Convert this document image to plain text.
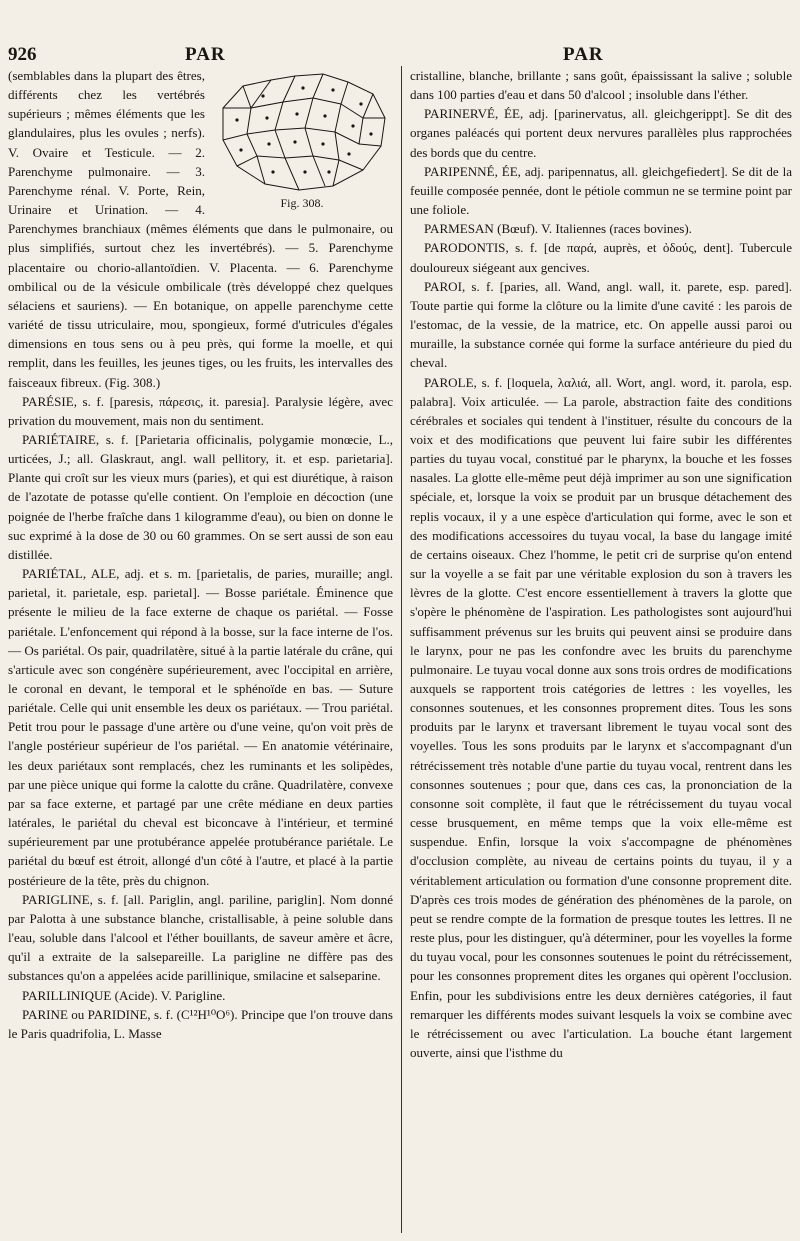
926	PAR	PAR
Fig. 308.

(semblables dans la plupart des êtres, différents chez les vertébrés supérieurs ; mêmes éléments que les glandulaires, plus les ovules ; nerfs). V. Ovaire et Testicule. — 2. Parenchyme pulmonaire. — 3. Parenchyme rénal. V. Porte, Rein, Urinaire et Urination. — 4. Parenchymes branchiaux (mêmes éléments que dans le pulmonaire, ou plus simplifiés, surtout chez les invertébrés). — 5. Parenchyme placentaire ou chorio-allantoïdien. V. Placenta. — 6. Parenchyme ombilical ou de la vésicule ombilicale (très développé chez quelques sélaciens et sauriens). — En botanique, on appelle parenchyme cette variété de tissu utriculaire, mou, spongieux, formé d'utricules d'égales dimensions en tous sens ou à peu près, qui forme la moelle, et qui remplit, dans les feuilles, les jeunes tiges, ou les fruits, les intervalles des faisceaux fibreux. (Fig. 308.)

PARÉSIE, s. f. [paresis, πάρεσις, it. paresia]. Paralysie légère, avec privation du mouvement, mais non du sentiment.

PARIÉTAIRE, s. f. [Parietaria officinalis, polygamie monœcie, L., urticées, J.; all. Glaskraut, angl. wall pellitory, it. et esp. parietaria]. Plante qui croît sur les vieux murs (paries), et qui est diurétique, à raison de l'azotate de potasse qu'elle contient. On l'emploie en décoction (une poignée de l'herbe fraîche dans 1 kilogramme d'eau), ou bien on donne le suc exprimé à la dose de 30 ou 60 grammes. On se sert aussi de son eau distillée.

PARIÉTAL, ALE, adj. et s. m. [parietalis, de paries, muraille; angl. parietal, it. parietale, esp. parietal]. — Bosse pariétale. Éminence que présente le milieu de la face externe de chaque os pariétal. — Fosse pariétale. L'enfoncement qui répond à la bosse, sur la face interne de l'os. — Os pariétal. Os pair, quadrilatère, situé à la partie latérale du crâne, qui s'articule avec son congénère supérieurement, avec l'occipital en arrière, le coronal en devant, le temporal et le sphénoïde en bas. — Suture pariétale. Celle qui unit ensemble les deux os pariétaux. — Trou pariétal. Petit trou pour le passage d'une artère ou d'une veine, qu'on voit près de l'angle postérieur supérieur de l'os pariétal. — En anatomie vétérinaire, les deux pariétaux sont remplacés, chez les ruminants et les solipèdes, par une pièce unique qui forme la calotte du crâne. Quadrilatère, convexe par sa face externe, et partagé par une crête médiane en deux parties latérales, le pariétal du cheval est biconcave à l'intérieur, et terminé supérieurement par une protubérance appelée protubérance pariétale. Le pariétal du bœuf est étroit, allongé d'un côté à l'autre, et placé à la partie postérieure de la tête, près du chignon.

PARIGLINE, s. f. [all. Pariglin, angl. pariline, pariglin]. Nom donné par Palotta à une substance blanche, cristallisable, à peine soluble dans l'eau, soluble dans l'alcool et l'éther bouillants, de saveur amère et âcre, qu'il a extraite de la salsepareille. La parigline ne diffère pas des substances qu'on a appelées acide parillinique, smilacine et salseparine.

PARILLINIQUE (Acide). V. Parigline.

PARINE ou PARIDINE, s. f. (C¹²H¹⁰O⁶). Principe que l'on trouve dans le Paris quadrifolia, L. Masse

cristalline, blanche, brillante ; sans goût, épaississant la salive ; soluble dans 100 parties d'eau et dans 50 d'alcool ; insoluble dans l'éther.

PARINERVÉ, ÉE, adj. [parinervatus, all. gleichgerippt]. Se dit des organes paléacés qui portent deux nervures parallèles plus rapprochées des bords que du centre.

PARIPENNÉ, ÉE, adj. paripennatus, all. gleichgefiedert]. Se dit de la feuille composée pennée, dont le pétiole commun ne se termine point par une foliole.

PARMESAN (Bœuf). V. Italiennes (races bovines).

PARODONTIS, s. f. [de παρά, auprès, et ὀδούς, dent]. Tubercule douloureux siégeant aux gencives.

PAROI, s. f. [paries, all. Wand, angl. wall, it. parete, esp. pared]. Toute partie qui forme la clôture ou la limite d'une cavité : les parois de l'estomac, de la vessie, de la matrice, etc. On appelle aussi paroi ou muraille, la substance cornée qui forme la surface antérieure du pied du cheval.

PAROLE, s. f. [loquela, λαλιά, all. Wort, angl. word, it. parola, esp. palabra]. Voix articulée. — La parole, abstraction faite des conditions cérébrales et sociales qui tendent à l'instituer, résulte du concours de la voix et des modifications que peuvent lui faire subir les différentes parties du tuyau vocal, constitué par le pharynx, la bouche et les fosses nasales. La glotte elle-même peut déjà imprimer au son une signification spéciale, et, lorsque la voix se produit par un brusque détachement des replis vocaux, il y a une espèce d'articulation qui forme, avec le son et des modifications accessoires du tuyau vocal, la base du langage imité de certains oiseaux. Chez l'homme, le petit cri de surprise qu'on entend sur la voyelle a se fait par une véritable explosion du son à travers les lèvres de la glotte. C'est encore essentiellement à travers la glotte que s'opère le phénomène de l'aspiration. Les pathologistes sont aujourd'hui suffisamment prévenus sur les bruits qui peuvent ainsi se produire dans le larynx, pour ne pas les confondre avec les bruits du parenchyme pulmonaire. Le tuyau vocal donne aux sons trois ordres de modifications auxquels se rapportent trois catégories de lettres : les voyelles, les consonnes soutenues, et les consonnes proprement dites. Tous les sons produits par le larynx et traversant librement le tuyau vocal sont des voyelles. Tous les sons produits par le larynx et s'accompagnant d'un rétrécissement très notable d'une partie du tuyau vocal, rentrent dans les consonnes soutenues ; pour que, dans ces cas, la prononciation de la consonne soit complète, il faut que le rétrécissement du tuyau vocal cesse brusquement, en même temps que la voix elle-même est suspendue. Enfin, lorsque la voix s'accompagne de phénomènes d'occlusion complète, au niveau de certains points du tuyau, il y a véritablement articulation ou formation d'une consonne proprement dite. D'après ces trois modes de génération des phénomènes de la parole, on peut se rendre compte de la formation de presque toutes les lettres. Il ne reste plus, pour les distinguer, qu'à déterminer, pour les voyelles la forme du tuyau vocal, pour les consonnes soutenues le point du rétrécissement, pour les consonnes proprement dites les organes qui opèrent l'occlusion. Enfin, pour les subdivisions entre les deux dernières catégories, il faut remarquer les différents modes suivant lesquels la voix se combine avec le rétrécissement ou avec l'articulation. La bouche étant largement ouverte, ainsi que l'isthme du
